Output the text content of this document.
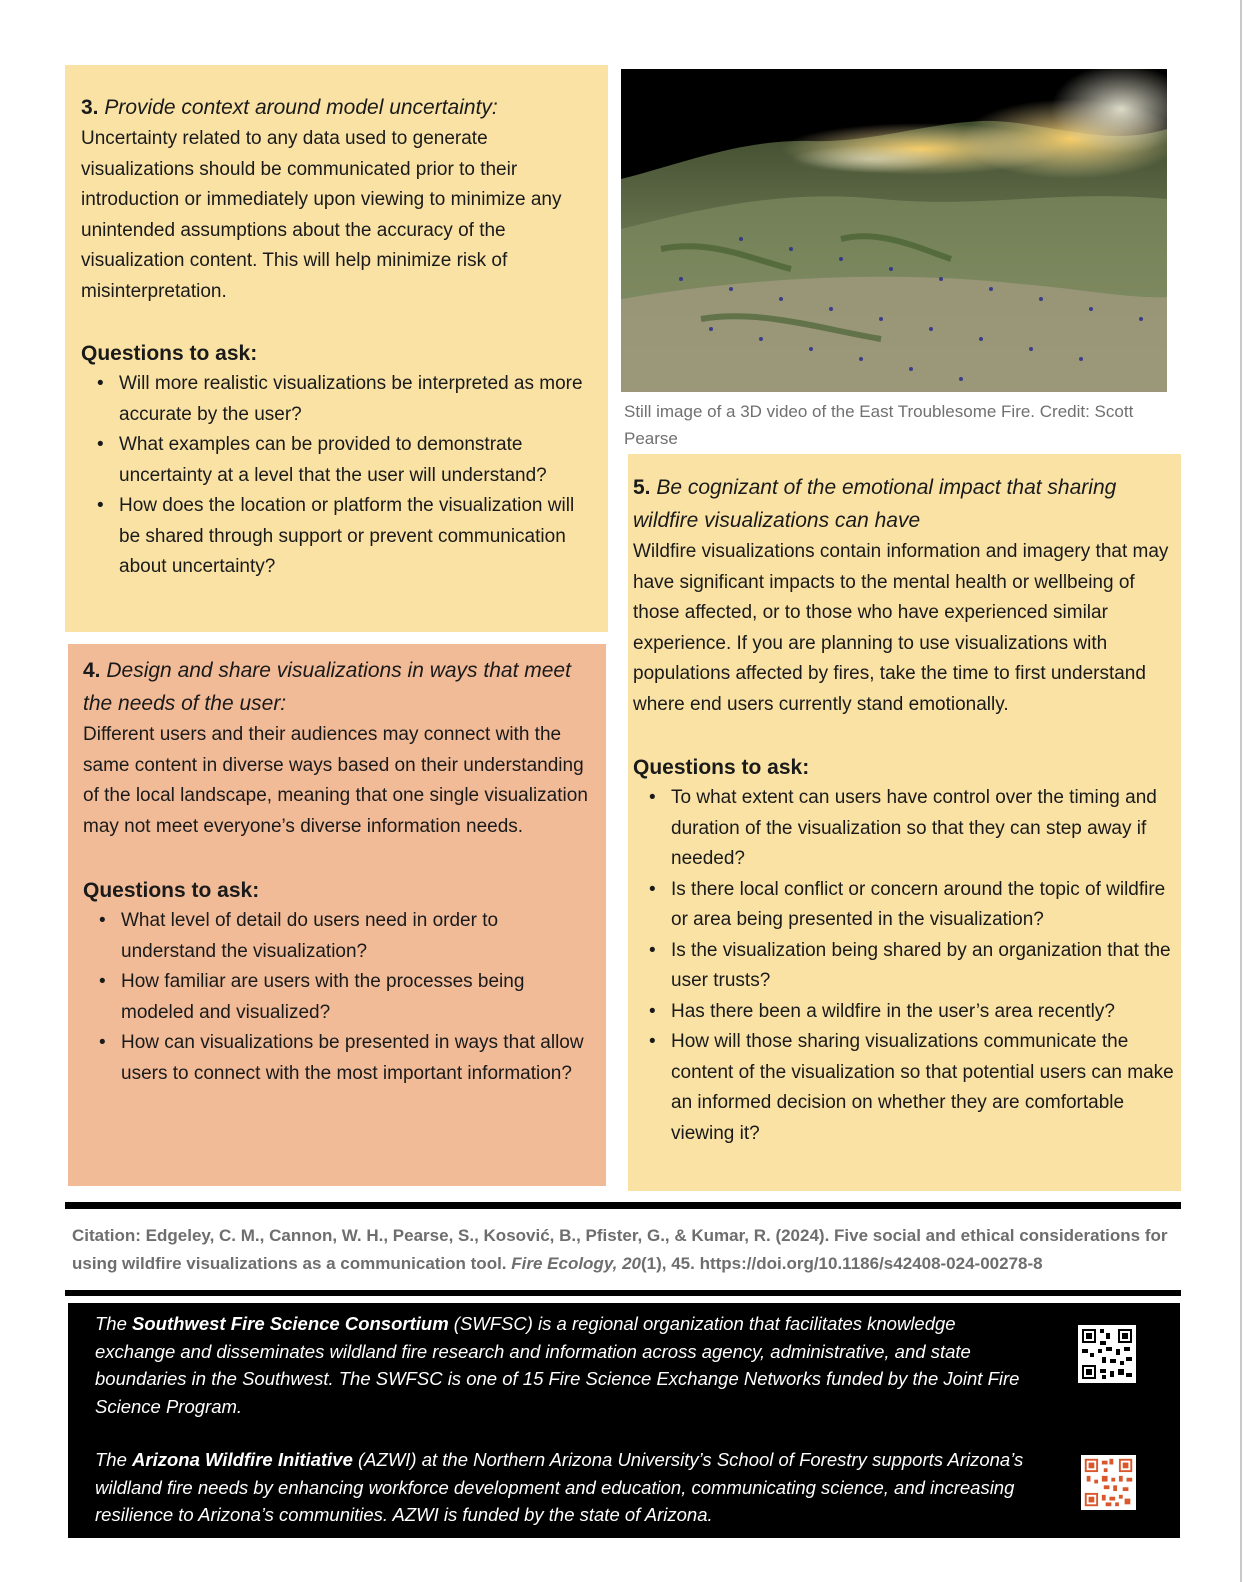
3. Provide context around model uncertainty:

Uncertainty related to any data used to generate visualizations should be communicated prior to their introduction or immediately upon viewing to minimize any unintended assumptions about the accuracy of the visualization content. This will help minimize risk of misinterpretation.

Questions to ask:

• Will more realistic visualizations be interpreted as more accurate by the user?
• What examples can be provided to demonstrate uncertainty at a level that the user will understand?
• How does the location or platform the visualization will be shared through support or prevent communication about uncertainty?
Still image of a 3D video of the East Troublesome Fire. Credit: Scott Pearse
4. Design and share visualizations in ways that meet the needs of the user:

Different users and their audiences may connect with the same content in diverse ways based on their understanding of the local landscape, meaning that one single visualization may not meet everyone’s diverse information needs.

Questions to ask:

• What level of detail do users need in order to understand the visualization?
• How familiar are users with the processes being modeled and visualized?
• How can visualizations be presented in ways that allow users to connect with the most important information?
5. Be cognizant of the emotional impact that sharing wildfire visualizations can have

Wildfire visualizations contain information and imagery that may have significant impacts to the mental health or wellbeing of those affected, or to those who have experienced similar experience. If you are planning to use visualizations with populations affected by fires, take the time to first understand where end users currently stand emotionally.

Questions to ask:

• To what extent can users have control over the timing and duration of the visualization so that they can step away if needed?
• Is there local conflict or concern around the topic of wildfire or area being presented in the visualization?
• Is the visualization being shared by an organization that the user trusts?
• Has there been a wildfire in the user’s area recently?
• How will those sharing visualizations communicate the content of the visualization so that potential users can make an informed decision on whether they are comfortable viewing it?
Citation: Edgeley, C. M., Cannon, W. H., Pearse, S., Kosović, B., Pfister, G., & Kumar, R. (2024). Five social and ethical considerations for using wildfire visualizations as a communication tool. Fire Ecology, 20(1), 45. https://doi.org/10.1186/s42408-024-00278-8

The Southwest Fire Science Consortium (SWFSC) is a regional organization that facilitates knowledge exchange and disseminates wildland fire research and information across agency, administrative, and state boundaries in the Southwest. The SWFSC is one of 15 Fire Science Exchange Networks funded by the Joint Fire Science Program.

The Arizona Wildfire Initiative (AZWI) at the Northern Arizona University’s School of Forestry supports Arizona’s wildland fire needs by enhancing workforce development and education, communicating science, and increasing resilience to Arizona’s communities. AZWI is funded by the state of Arizona.
